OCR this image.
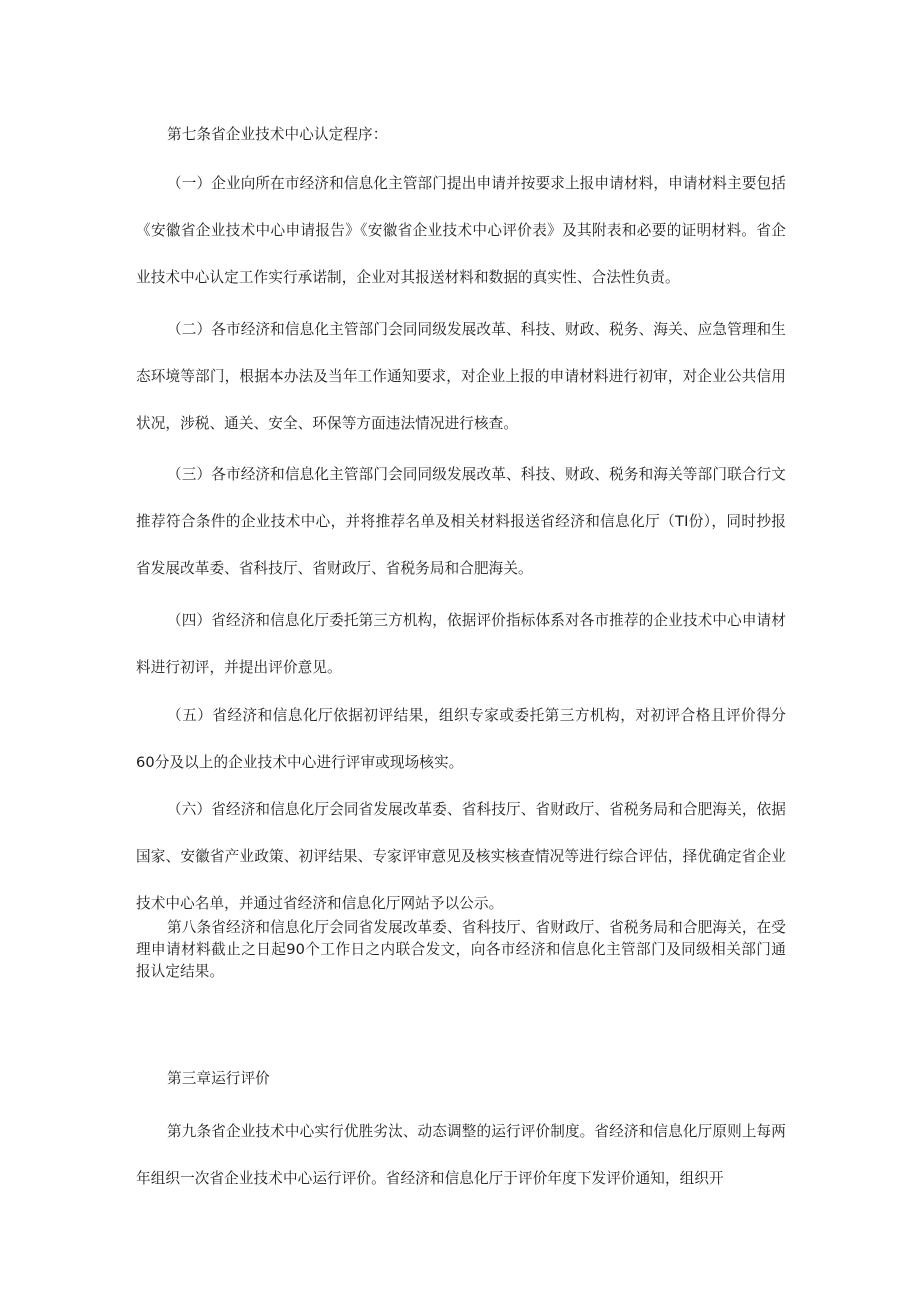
第七条省企业技术中心认定程序：

（一）企业向所在市经济和信息化主管部门提出申请并按要求上报申请材料，申请材料主要包括《安徽省企业技术中心申请报告》《安徽省企业技术中心评价表》及其附表和必要的证明材料。省企业技术中心认定工作实行承诺制，企业对其报送材料和数据的真实性、合法性负责。

（二）各市经济和信息化主管部门会同同级发展改革、科技、财政、税务、海关、应急管理和生态环境等部门，根据本办法及当年工作通知要求，对企业上报的申请材料进行初审，对企业公共信用状况，涉税、通关、安全、环保等方面违法情况进行核查。

（三）各市经济和信息化主管部门会同同级发展改革、科技、财政、税务和海关等部门联合行文推荐符合条件的企业技术中心，并将推荐名单及相关材料报送省经济和信息化厅（TI份），同时抄报省发展改革委、省科技厅、省财政厅、省税务局和合肥海关。

（四）省经济和信息化厅委托第三方机构，依据评价指标体系对各市推荐的企业技术中心申请材料进行初评，并提出评价意见。

（五）省经济和信息化厅依据初评结果，组织专家或委托第三方机构，对初评合格且评价得分60分及以上的企业技术中心进行评审或现场核实。

（六）省经济和信息化厅会同省发展改革委、省科技厅、省财政厅、省税务局和合肥海关，依据国家、安徽省产业政策、初评结果、专家评审意见及核实核查情况等进行综合评估，择优确定省企业技术中心名单，并通过省经济和信息化厅网站予以公示。

第八条省经济和信息化厅会同省发展改革委、省科技厅、省财政厅、省税务局和合肥海关，在受理申请材料截止之日起90个工作日之内联合发文，向各市经济和信息化主管部门及同级相关部门通报认定结果。

第三章运行评价

第九条省企业技术中心实行优胜劣汰、动态调整的运行评价制度。省经济和信息化厅原则上每两年组织一次省企业技术中心运行评价。省经济和信息化厅于评价年度下发评价通知，组织开
